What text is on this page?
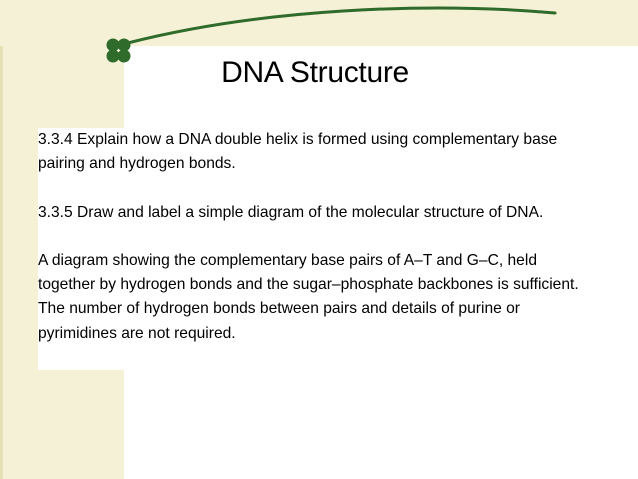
DNA Structure

3.3.4 Explain how a DNA double helix is formed using complementary base pairing and hydrogen bonds.

3.3.5 Draw and label a simple diagram of the molecular structure of DNA.

A diagram showing the complementary base pairs of A–T and G–C, held together by hydrogen bonds and the sugar–phosphate backbones is sufficient. The number of hydrogen bonds between pairs and details of purine or pyrimidines are not required.
